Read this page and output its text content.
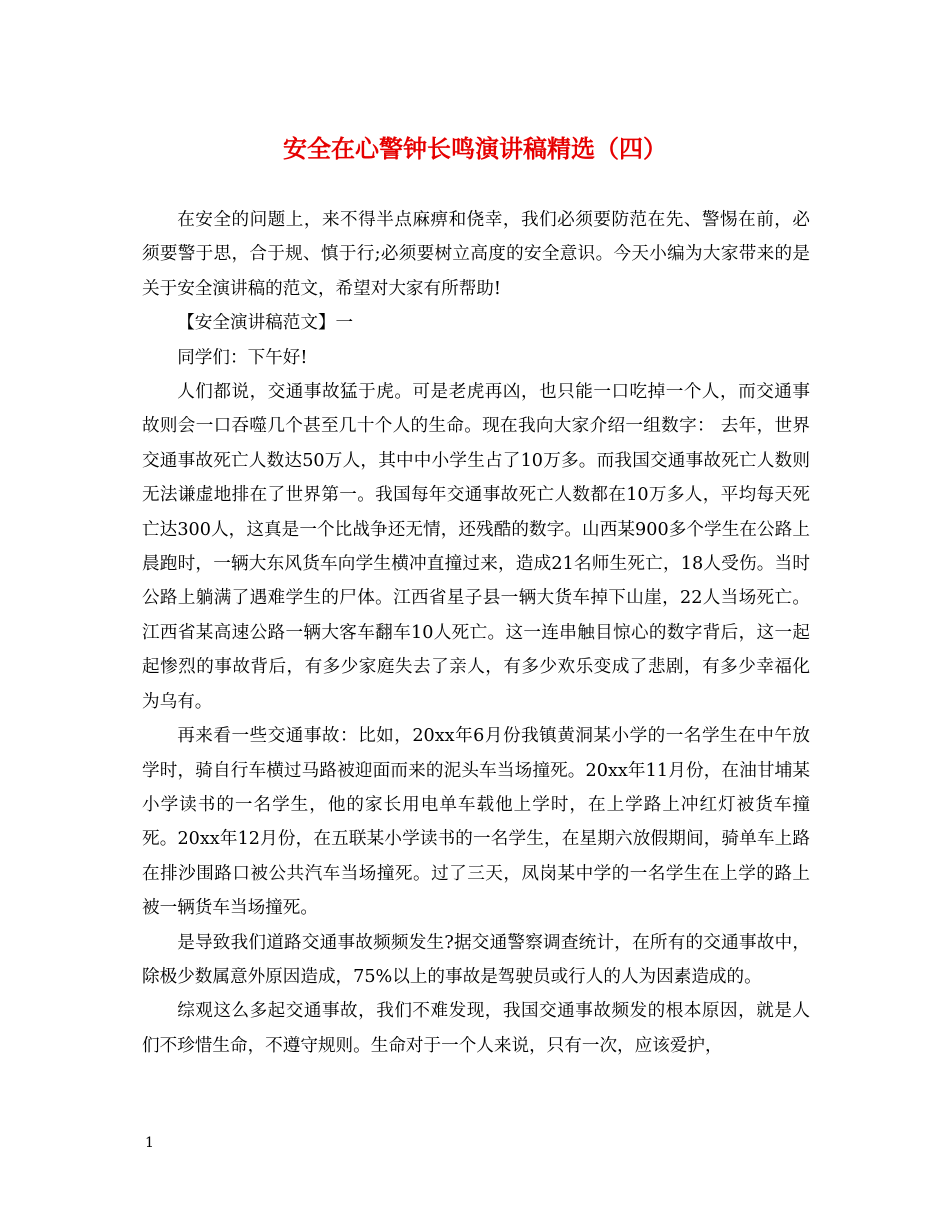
安全在心警钟长鸣演讲稿精选（四）

在安全的问题上，来不得半点麻痹和侥幸，我们必须要防范在先、警惕在前，必须要警于思，合于规、慎于行;必须要树立高度的安全意识。今天小编为大家带来的是关于安全演讲稿的范文，希望对大家有所帮助!

【安全演讲稿范文】一

同学们：下午好!

人们都说，交通事故猛于虎。可是老虎再凶，也只能一口吃掉一个人，而交通事故则会一口吞噬几个甚至几十个人的生命。现在我向大家介绍一组数字： 去年，世界交通事故死亡人数达50万人，其中中小学生占了10万多。而我国交通事故死亡人数则无法谦虚地排在了世界第一。我国每年交通事故死亡人数都在10万多人，平均每天死亡达300人，这真是一个比战争还无情，还残酷的数字。山西某900多个学生在公路上晨跑时，一辆大东风货车向学生横冲直撞过来，造成21名师生死亡，18人受伤。当时公路上躺满了遇难学生的尸体。江西省星子县一辆大货车掉下山崖，22人当场死亡。江西省某高速公路一辆大客车翻车10人死亡。这一连串触目惊心的数字背后，这一起起惨烈的事故背后，有多少家庭失去了亲人，有多少欢乐变成了悲剧，有多少幸福化为乌有。

再来看一些交通事故：比如，20xx年6月份我镇黄洞某小学的一名学生在中午放学时，骑自行车横过马路被迎面而来的泥头车当场撞死。20xx年11月份，在油甘埔某小学读书的一名学生，他的家长用电单车载他上学时，在上学路上冲红灯被货车撞死。20xx年12月份，在五联某小学读书的一名学生，在星期六放假期间，骑单车上路在排沙围路口被公共汽车当场撞死。过了三天，凤岗某中学的一名学生在上学的路上被一辆货车当场撞死。

是导致我们道路交通事故频频发生?据交通警察调查统计，在所有的交通事故中，除极少数属意外原因造成，75%以上的事故是驾驶员或行人的人为因素造成的。

综观这么多起交通事故，我们不难发现，我国交通事故频发的根本原因，就是人们不珍惜生命，不遵守规则。生命对于一个人来说，只有一次，应该爱护，

1
